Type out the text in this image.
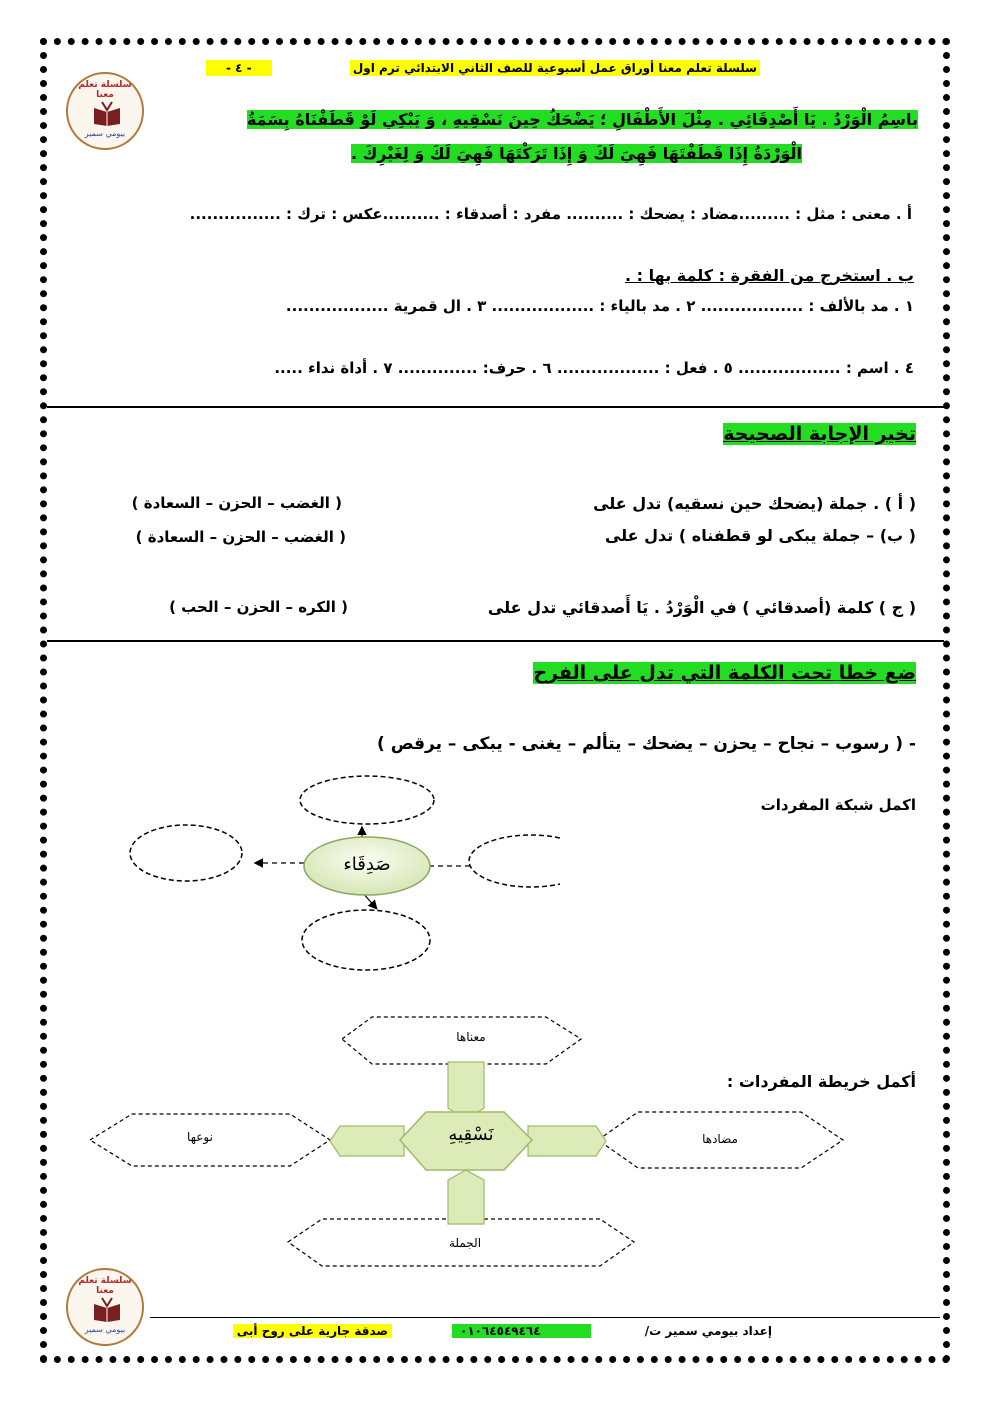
سلسلة تعلم معنا أوراق عمل أسبوعية للصف الثاني الابتدائي ترم اول
- ٤ -
سلسلة تعلم معنا
بيومي سمير
باسِمُ الْوَرْدُ . يَا أَصْدِقَائِي . مِثْلَ الأَطْفَالِ ؛ يَضْحَكُ حِينَ نَسْقِيهِ ، وَ يَبْكِي لَوْ قَطَفْنَاهُ بِسَمَةُ
الْوَرْدَةُ إِذَا قَطَفْتَهَا فَهِيَ لَكَ وَ إِذَا تَرَكْتَهَا فَهِيَ لَكَ وَ لِغَيْرِكَ .
أ . معنى : مثل : .........مضاد : يضحك : .......... مفرد : أصدقاء : ..........عكس : ترك : ................
ب . استخرج من الفقرة : كلمة بها : .
١ . مد بالألف : .................. ٢ . مد بالياء : .................. ٣ . ال قمرية ..................
٤ . اسم : .................. ٥ . فعل : .................. ٦ . حرف: .............. ٧ . أداة نداء .....
تخير الإجابة الصحيحة
( أ ) . جملة (يضحك حين نسقيه) تدل على
( الغضب – الحزن – السعادة )
( ب) – جملة يبكى لو قطفناه ) تدل على
( الغضب – الحزن – السعادة )
( ج ) كلمة (أصدقائي ) في الْوَرْدُ . يَا أَصدقائي تدل على
( الكره – الحزن – الحب )
ضع خطا تحت الكلمة التي تدل على الفرح
- ( رسوب – نجاح – يحزن – يضحك – يتألم – يغنى - يبكى – يرقص )
اكمل شبكة المفردات
صَدِقَاء
أكمل خريطة المفردات :
نَسْقِيهِ
معناها
مضادها
نوعها
الجملة
سلسلة تعلم معنا
بيومي سمير	إعداد بيومي سمير ت/
٠١٠٦٤٥٤٩٤٦٤
صدقة جارية على روح أبى
